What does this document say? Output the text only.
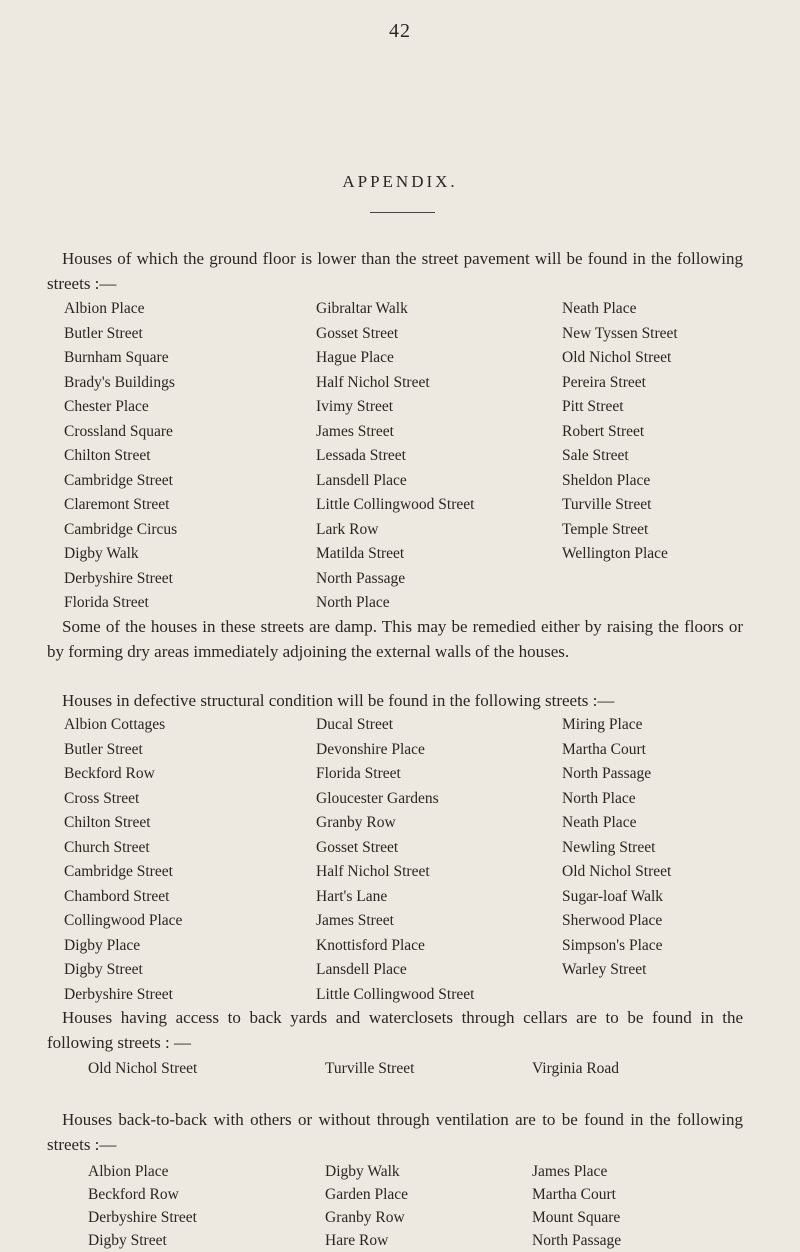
42
APPENDIX.
Houses of which the ground floor is lower than the street pavement will be found in the following streets :—
Albion Place
Butler Street
Burnham Square
Brady's Buildings
Chester Place
Crossland Square
Chilton Street
Cambridge Street
Claremont Street
Cambridge Circus
Digby Walk
Derbyshire Street
Florida Street
Gibraltar Walk
Gosset Street
Hague Place
Half Nichol Street
Ivimy Street
James Street
Lessada Street
Lansdell Place
Little Collingwood Street
Lark Row
Matilda Street
North Passage
North Place
Neath Place
New Tyssen Street
Old Nichol Street
Pereira Street
Pitt Street
Robert Street
Sale Street
Sheldon Place
Turville Street
Temple Street
Wellington Place
Some of the houses in these streets are damp. This may be remedied either by raising the floors or by forming dry areas immediately adjoining the external walls of the houses.
Houses in defective structural condition will be found in the following streets :—
Albion Cottages
Butler Street
Beckford Row
Cross Street
Chilton Street
Church Street
Cambridge Street
Chambord Street
Collingwood Place
Digby Place
Digby Street
Derbyshire Street
Ducal Street
Devonshire Place
Florida Street
Gloucester Gardens
Granby Row
Gosset Street
Half Nichol Street
Hart's Lane
James Street
Knottisford Place
Lansdell Place
Little Collingwood Street
Miring Place
Martha Court
North Passage
North Place
Neath Place
Newling Street
Old Nichol Street
Sugar-loaf Walk
Sherwood Place
Simpson's Place
Warley Street
Houses having access to back yards and waterclosets through cellars are to be found in the following streets : —
Old Nichol Street	Turville Street	Virginia Road
Houses back-to-back with others or without through ventilation are to be found in the following streets :—
Albion Place
Beckford Row
Derbyshire Street
Digby Street
Digby Walk
Garden Place
Granby Row
Hare Row
James Place
Martha Court
Mount Square
North Passage
